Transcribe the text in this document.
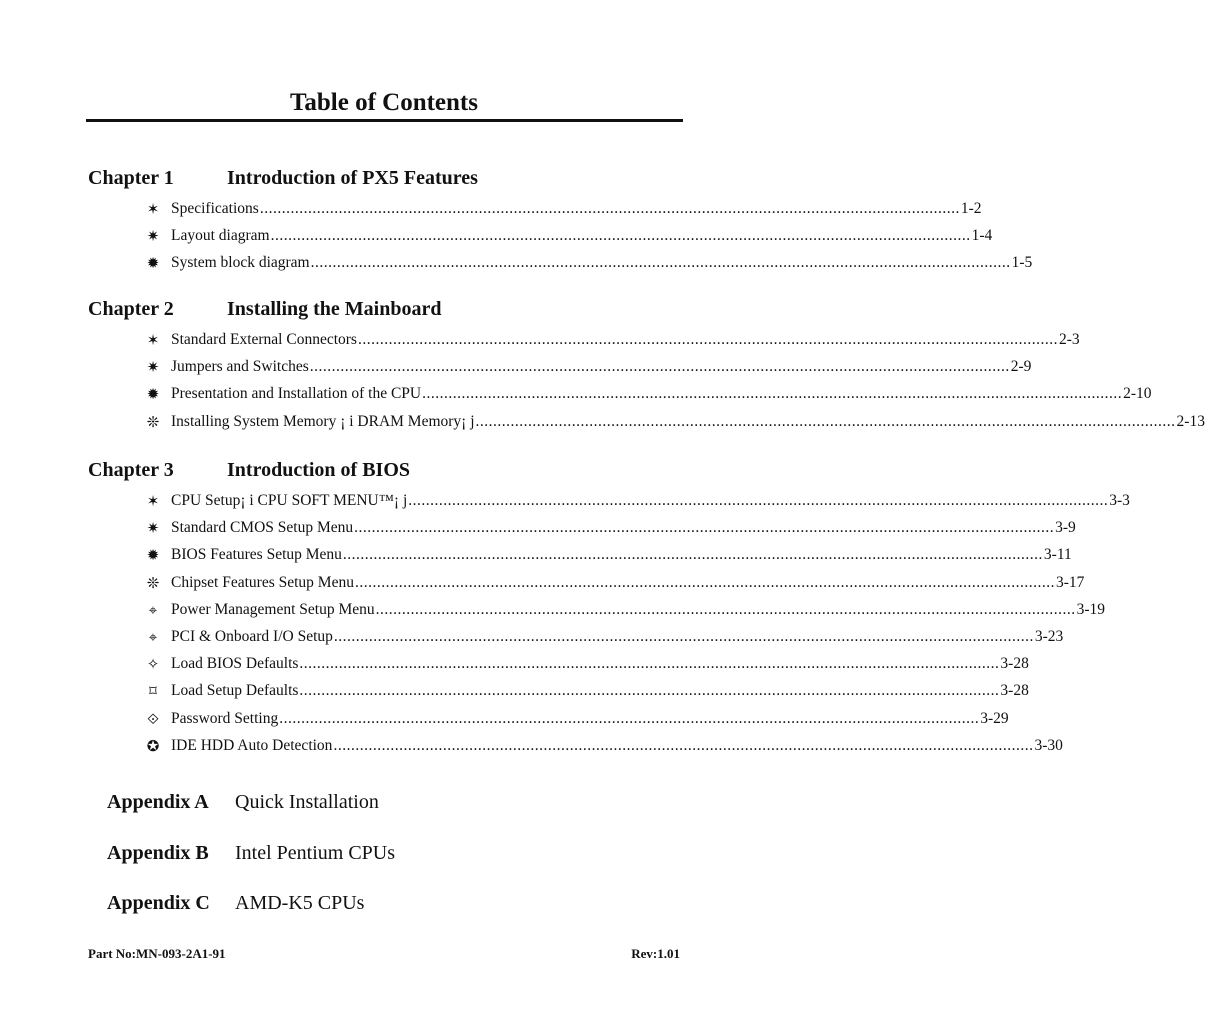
Table of Contents
Chapter 1	Introduction of PX5 Features
✶ Specifications ................................................................................................................................................................ 1-2
✷ Layout diagram ................................................................................................................................................................ 1-4
✹ System block diagram ................................................................................................................................................................ 1-5
Chapter 2	Installing the Mainboard
✶ Standard External Connectors ................................................................................................................................................................ 2-3
✷ Jumpers and Switches ................................................................................................................................................................ 2-9
✹ Presentation and Installation of the CPU ................................................................................................................................................................ 2-10
❊ Installing System Memory ¡ i DRAM Memory¡ j ................................................................................................................................................................ 2-13
Chapter 3	Introduction of BIOS
✶ CPU Setup¡ i CPU SOFT MENU™¡ j ................................................................................................................................................................ 3-3
✷ Standard CMOS Setup Menu ................................................................................................................................................................ 3-9
✹ BIOS Features Setup Menu ................................................................................................................................................................ 3-11
❊ Chipset Features Setup Menu ................................................................................................................................................................ 3-17
⌖ Power Management Setup Menu ................................................................................................................................................................ 3-19
⌖ PCI & Onboard I/O Setup ................................................................................................................................................................ 3-23
✧ Load BIOS Defaults ................................................................................................................................................................ 3-28
⌑ Load Setup Defaults ................................................................................................................................................................ 3-28
⟐ Password Setting ................................................................................................................................................................ 3-29
✪ IDE HDD Auto Detection ................................................................................................................................................................ 3-30
Appendix A Quick Installation
Appendix B Intel Pentium CPUs
Appendix C AMD-K5 CPUs
Part No:MN-093-2A1-91	Rev:1.01
